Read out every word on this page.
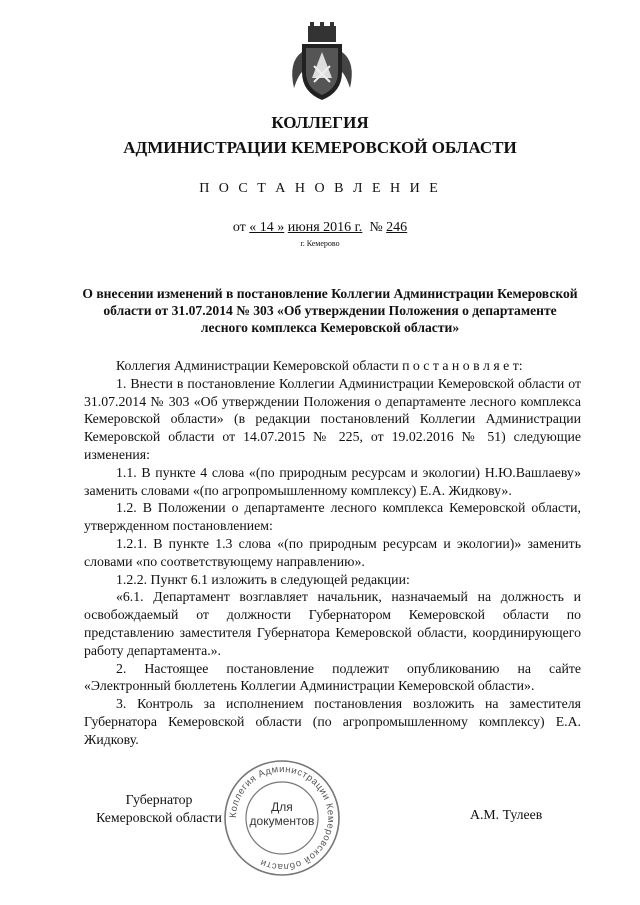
КОЛЛЕГИЯ
АДМИНИСТРАЦИИ КЕМЕРОВСКОЙ ОБЛАСТИ
П О С Т А Н О В Л Е Н И Е
от « 14 » июня 2016 г. № 246
г. Кемерово
О внесении изменений в постановление Коллегии Администрации Кемеровской области от 31.07.2014 № 303 «Об утверждении Положения о департаменте лесного комплекса Кемеровской области»

Коллегия Администрации Кемеровской области п о с т а н о в л я е т:

1. Внести в постановление Коллегии Администрации Кемеровской области от 31.07.2014 № 303 «Об утверждении Положения о департаменте лесного комплекса Кемеровской области» (в редакции постановлений Коллегии Администрации Кемеровской области от 14.07.2015 № 225, от 19.02.2016 № 51) следующие изменения:

1.1. В пункте 4 слова «(по природным ресурсам и экологии) Н.Ю.Вашлаеву» заменить словами «(по агропромышленному комплексу) Е.А. Жидкову».

1.2. В Положении о департаменте лесного комплекса Кемеровской области, утвержденном постановлением:

1.2.1. В пункте 1.3 слова «(по природным ресурсам и экологии)» заменить словами «по соответствующему направлению».

1.2.2. Пункт 6.1 изложить в следующей редакции:

«6.1. Департамент возглавляет начальник, назначаемый на должность и освобождаемый от должности Губернатором Кемеровской области по представлению заместителя Губернатора Кемеровской области, координирующего работу департамента.».

2. Настоящее постановление подлежит опубликованию на сайте «Электронный бюллетень Коллегии Администрации Кемеровской области».

3. Контроль за исполнением постановления возложить на заместителя Губернатора Кемеровской области (по агропромышленному комплексу) Е.А. Жидкову.

Губернатор
Кемеровской области Коллегия Администрации Кемеровской области
Для
документов	А.М. Тулеев
